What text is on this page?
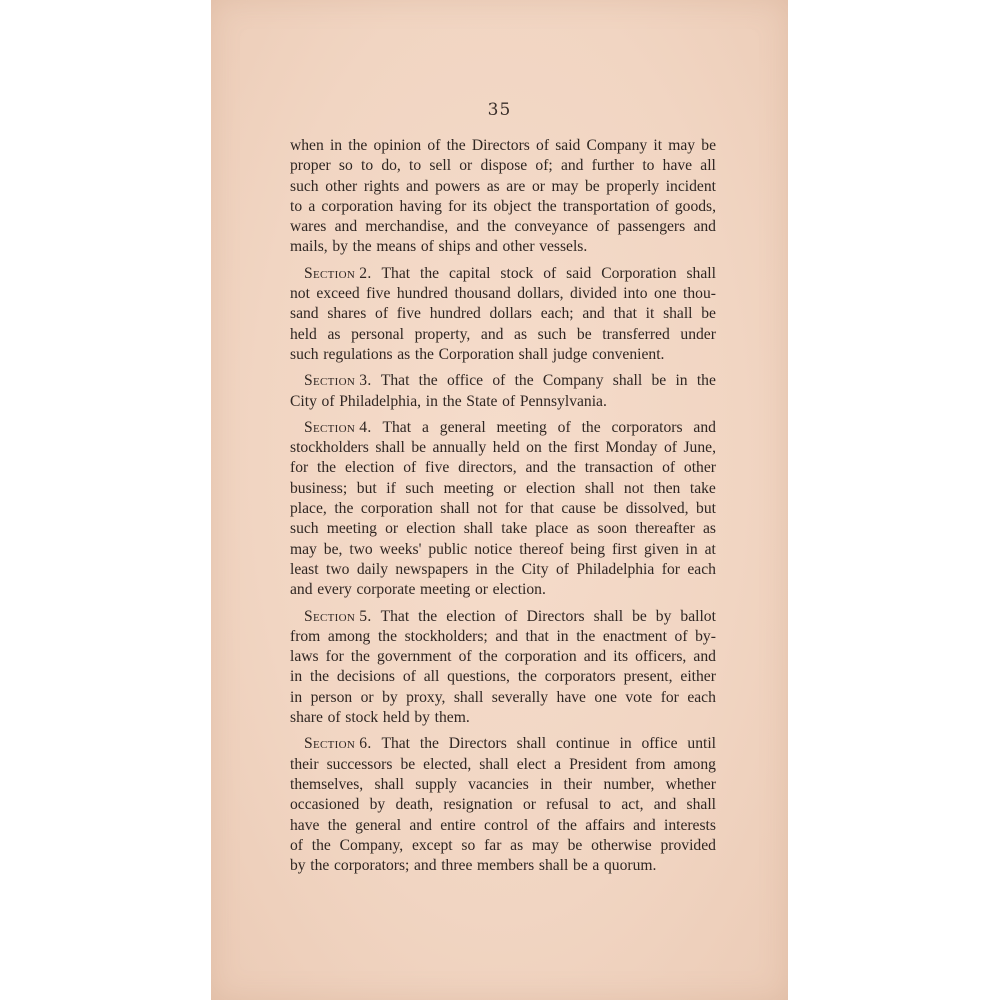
35
when in the opinion of the Directors of said Company it may be
proper so to do, to sell or dispose of; and further to have all
such other rights and powers as are or may be properly incident
to a corporation having for its object the transportation of goods,
wares and merchandise, and the conveyance of passengers and
mails, by the means of ships and other vessels.
Section 2. That the capital stock of said Corporation shall
not exceed five hundred thousand dollars, divided into one thou-
sand shares of five hundred dollars each; and that it shall be
held as personal property, and as such be transferred under
such regulations as the Corporation shall judge convenient.
Section 3. That the office of the Company shall be in the
City of Philadelphia, in the State of Pennsylvania.
Section 4. That a general meeting of the corporators and
stockholders shall be annually held on the first Monday of June,
for the election of five directors, and the transaction of other
business; but if such meeting or election shall not then take
place, the corporation shall not for that cause be dissolved, but
such meeting or election shall take place as soon thereafter as
may be, two weeks' public notice thereof being first given in at
least two daily newspapers in the City of Philadelphia for each
and every corporate meeting or election.
Section 5. That the election of Directors shall be by ballot
from among the stockholders; and that in the enactment of by-
laws for the government of the corporation and its officers, and
in the decisions of all questions, the corporators present, either
in person or by proxy, shall severally have one vote for each
share of stock held by them.
Section 6. That the Directors shall continue in office until
their successors be elected, shall elect a President from among
themselves, shall supply vacancies in their number, whether
occasioned by death, resignation or refusal to act, and shall
have the general and entire control of the affairs and interests
of the Company, except so far as may be otherwise provided
by the corporators; and three members shall be a quorum.
